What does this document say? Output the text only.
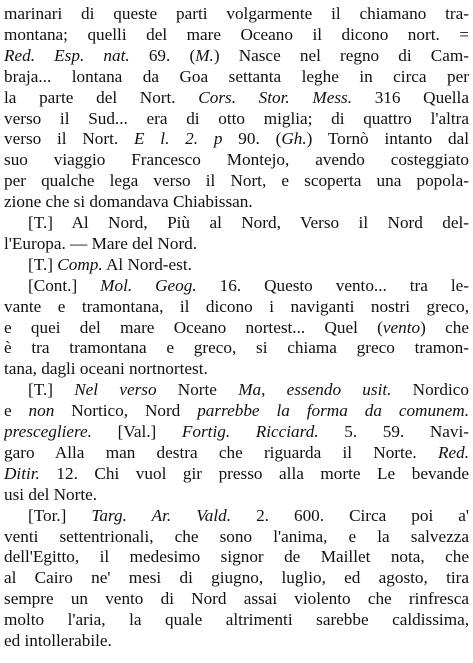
marinari di queste parti volgarmente il chiamano tra-
montana; quelli del mare Oceano il dicono nort. =
Red. Esp. nat. 69. (M.) Nasce nel regno di Cam-
braja... lontana da Goa settanta leghe in circa per
la parte del Nort. Cors. Stor. Mess. 316 Quella
verso il Sud... era di otto miglia; di quattro l'altra
verso il Nort. E l. 2. p 90. (Gh.) Tornò intanto dal
suo viaggio Francesco Montejo, avendo costeggiato
per qualche lega verso il Nort, e scoperta una popola-
zione che si domandava Chiabissan.
[T.] Al Nord, Più al Nord, Verso il Nord del-
l'Europa. — Mare del Nord.
[T.] Comp. Al Nord-est.
[Cont.] Mol. Geog. 16. Questo vento... tra le-
vante e tramontana, il dicono i naviganti nostri greco,
e quei del mare Oceano nortest... Quel (vento) che
è tra tramontana e greco, si chiama greco tramon-
tana, dagli oceani nortnortest.
[T.] Nel verso Norte Ma, essendo usit. Nordico
e non Nortico, Nord parrebbe la forma da comunem.
prescegliere. [Val.] Fortig. Ricciard. 5. 59. Navi-
garo Alla man destra che riguarda il Norte. Red.
Ditir. 12. Chi vuol gir presso alla morte Le bevande
usi del Norte.
[Tor.] Targ. Ar. Vald. 2. 600. Circa poi a'
venti settentrionali, che sono l'anima, e la salvezza
dell'Egitto, il medesimo signor de Maillet nota, che
al Cairo ne' mesi di giugno, luglio, ed agosto, tira
sempre un vento di Nord assai violento che rinfresca
molto l'aria, la quale altrimenti sarebbe caldissima,
ed intollerabile.
